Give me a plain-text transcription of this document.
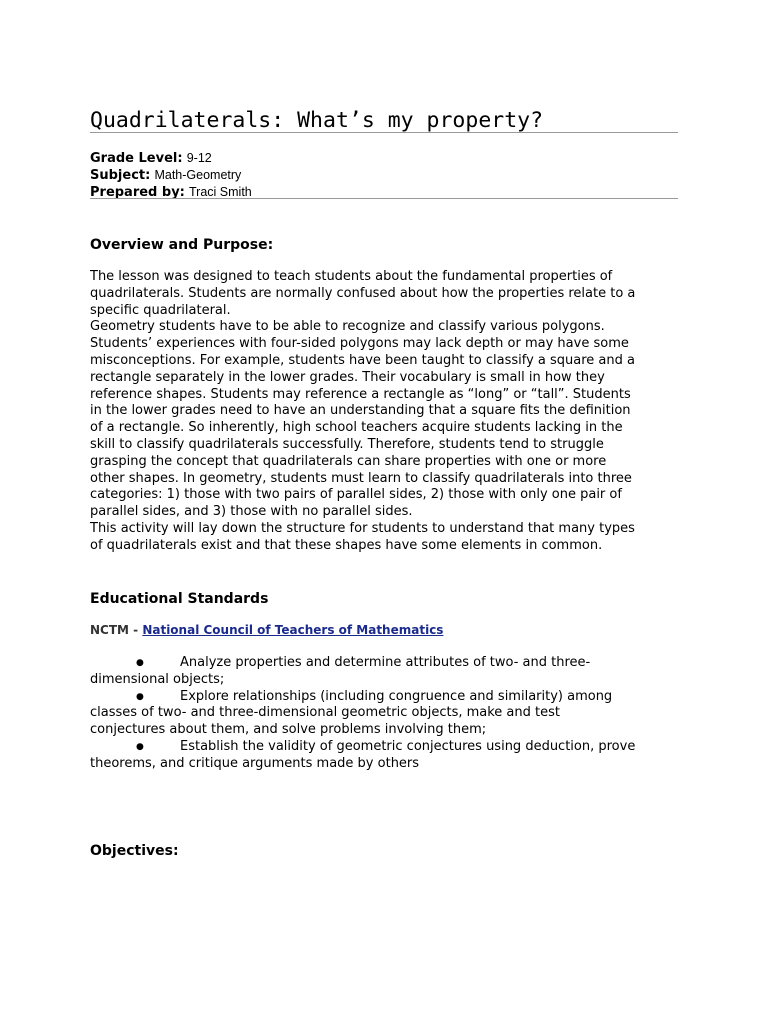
Quadrilaterals: What’s my property?
Grade Level: 9-12
Subject: Math-Geometry
Prepared by: Traci Smith
Overview and Purpose:
The lesson was designed to teach students about the fundamental properties of
quadrilaterals. Students are normally confused about how the properties relate to a
specific quadrilateral.
Geometry students have to be able to recognize and classify various polygons.
Students’ experiences with four-sided polygons may lack depth or may have some
misconceptions. For example, students have been taught to classify a square and a
rectangle separately in the lower grades. Their vocabulary is small in how they
reference shapes. Students may reference a rectangle as “long” or “tall”. Students
in the lower grades need to have an understanding that a square fits the definition
of a rectangle. So inherently, high school teachers acquire students lacking in the
skill to classify quadrilaterals successfully. Therefore, students tend to struggle
grasping the concept that quadrilaterals can share properties with one or more
other shapes. In geometry, students must learn to classify quadrilaterals into three
categories: 1) those with two pairs of parallel sides, 2) those with only one pair of
parallel sides, and 3) those with no parallel sides.
This activity will lay down the structure for students to understand that many types
of quadrilaterals exist and that these shapes have some elements in common.
Educational Standards
NCTM - National Council of Teachers of Mathematics
●	Analyze properties and determine attributes of two- and three-
dimensional objects;
●	Explore relationships (including congruence and similarity) among
classes of two- and three-dimensional geometric objects, make and test
conjectures about them, and solve problems involving them;
●	Establish the validity of geometric conjectures using deduction, prove
theorems, and critique arguments made by others
Objectives:
